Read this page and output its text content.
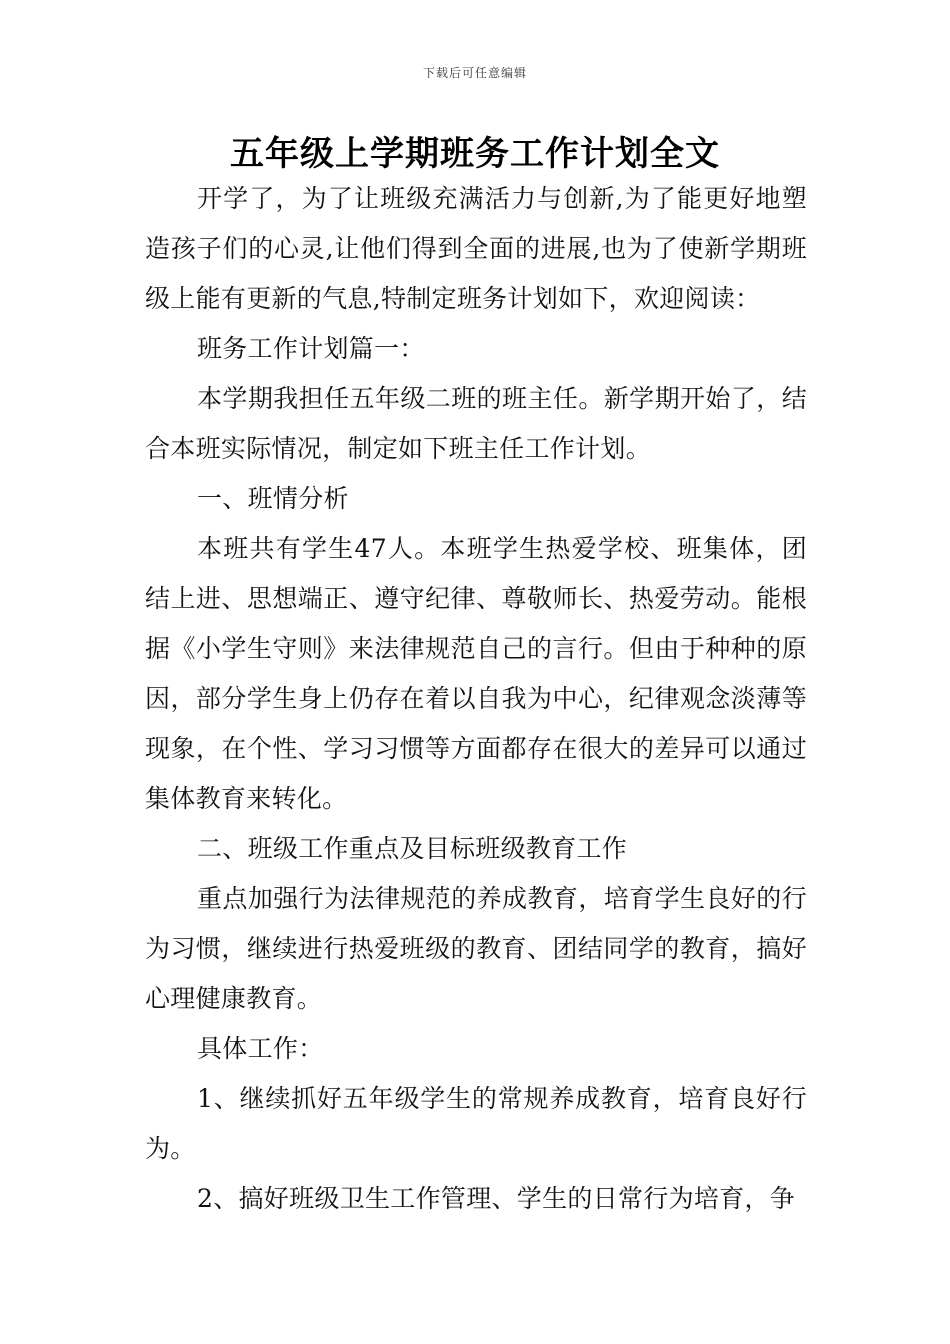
下载后可任意编辑
五年级上学期班务工作计划全文

开学了，为了让班级充满活力与创新,为了能更好地塑造孩子们的心灵,让他们得到全面的进展,也为了使新学期班级上能有更新的气息,特制定班务计划如下，欢迎阅读：

班务工作计划篇一：

本学期我担任五年级二班的班主任。新学期开始了，结合本班实际情况，制定如下班主任工作计划。

一、班情分析

本班共有学生47人。本班学生热爱学校、班集体，团结上进、思想端正、遵守纪律、尊敬师长、热爱劳动。能根据《小学生守则》来法律规范自己的言行。但由于种种的原因，部分学生身上仍存在着以自我为中心，纪律观念淡薄等现象，在个性、学习习惯等方面都存在很大的差异可以通过集体教育来转化。

二、班级工作重点及目标班级教育工作

重点加强行为法律规范的养成教育，培育学生良好的行为习惯，继续进行热爱班级的教育、团结同学的教育，搞好心理健康教育。

具体工作：

1、继续抓好五年级学生的常规养成教育，培育良好行为。

2、搞好班级卫生工作管理、学生的日常行为培育，争
